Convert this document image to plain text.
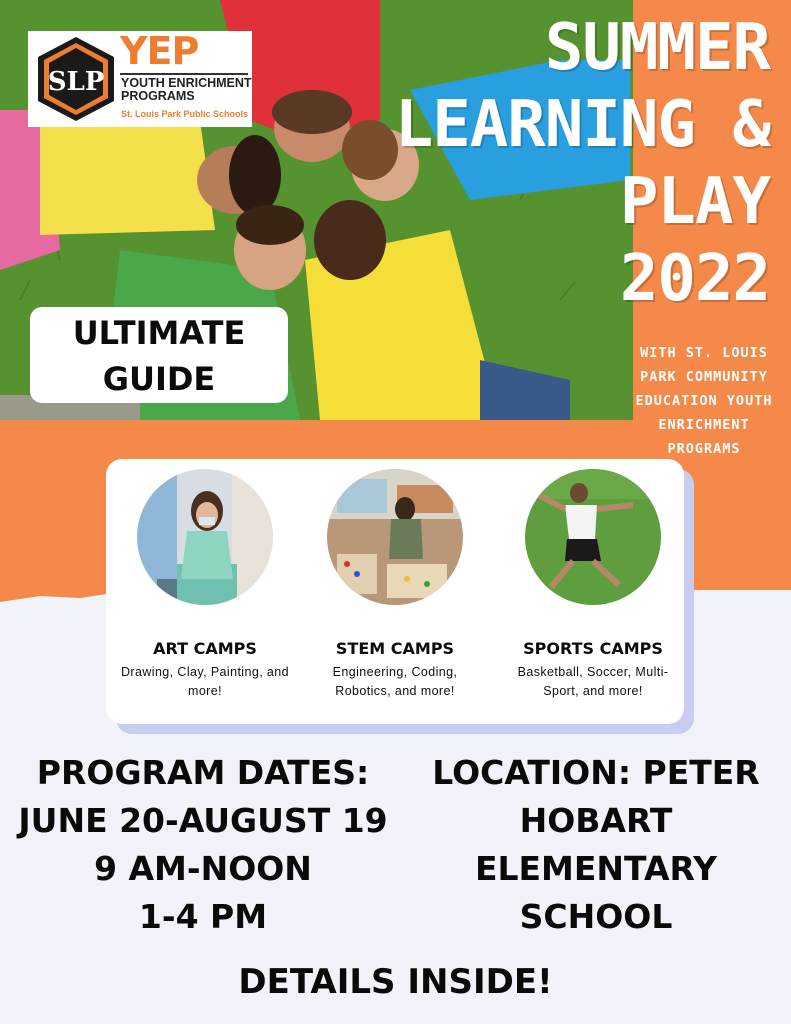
SLP
YEP
YOUTH ENRICHMENT
PROGRAMS
St. Louis Park Public Schools
SUMMER
LEARNING &
PLAY
2022
WITH ST. LOUIS
PARK COMMUNITY
EDUCATION YOUTH
ENRICHMENT
PROGRAMS
ULTIMATE
GUIDE
ART CAMPS
Drawing, Clay, Painting, and
more!
STEM CAMPS
Engineering, Coding,
Robotics, and more!
SPORTS CAMPS
Basketball, Soccer, Multi-
Sport, and more!
PROGRAM DATES:
JUNE 20-AUGUST 19
9 AM-NOON
1-4 PM
LOCATION: PETER
HOBART
ELEMENTARY
SCHOOL
DETAILS INSIDE!
